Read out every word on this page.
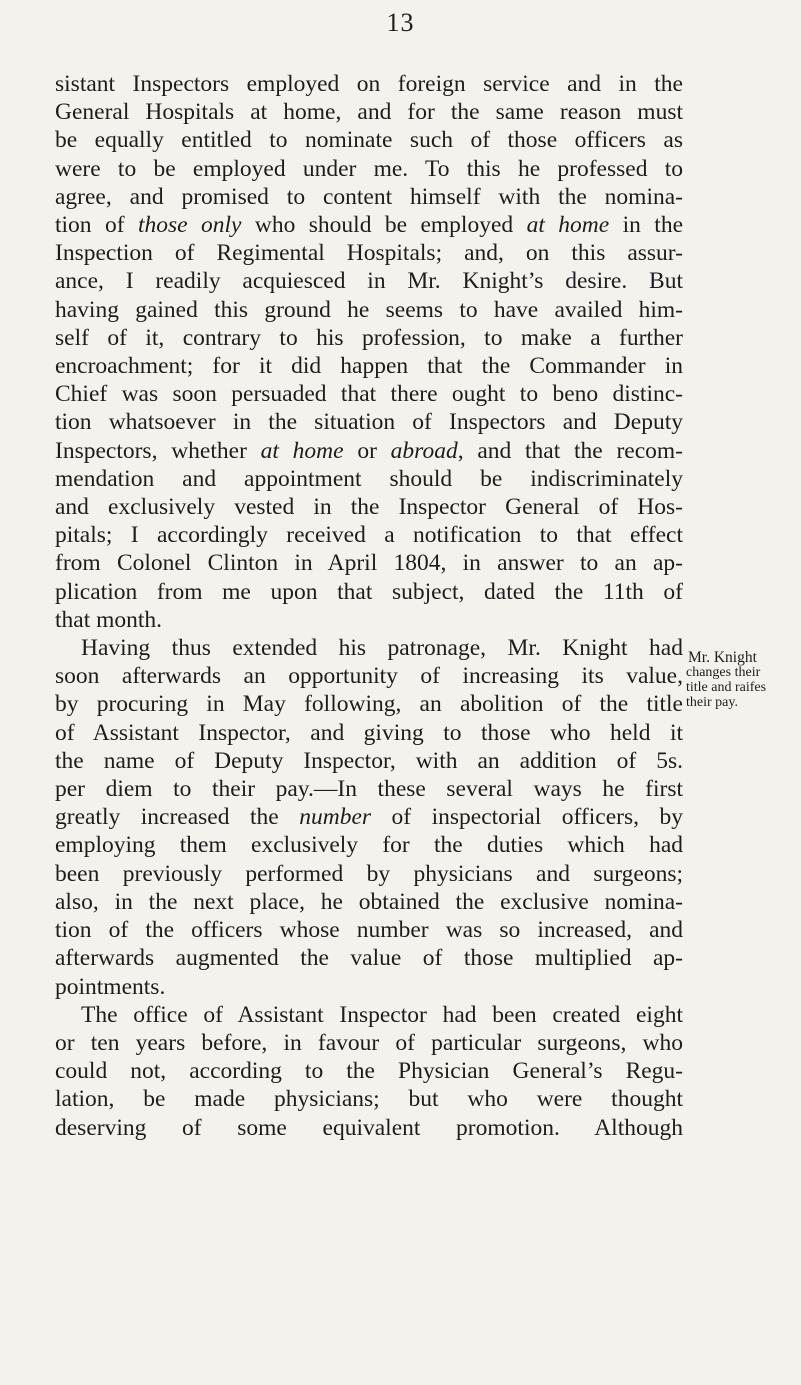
13
sistant Inspectors employed on foreign service and in the
General Hospitals at home, and for the same reason must
be equally entitled to nominate such of those officers as
were to be employed under me. To this he professed to
agree, and promised to content himself with the nomina-
tion of those only who should be employed at home in the
Inspection of Regimental Hospitals; and, on this assur-
ance, I readily acquiesced in Mr. Knight’s desire. But
having gained this ground he seems to have availed him-
self of it, contrary to his profession, to make a further
encroachment; for it did happen that the Commander in
Chief was soon persuaded that there ought to beno distinc-
tion whatsoever in the situation of Inspectors and Deputy
Inspectors, whether at home or abroad, and that the recom-
mendation and appointment should be indiscriminately
and exclusively vested in the Inspector General of Hos-
pitals; I accordingly received a notification to that effect
from Colonel Clinton in April 1804, in answer to an ap-
plication from me upon that subject, dated the 11th of
that month.
Having thus extended his patronage, Mr. Knight had
soon afterwards an opportunity of increasing its value,
by procuring in May following, an abolition of the title
of Assistant Inspector, and giving to those who held it
the name of Deputy Inspector, with an addition of 5s.
per diem to their pay.—In these several ways he first
greatly increased the number of inspectorial officers, by
employing them exclusively for the duties which had
been previously performed by physicians and surgeons;
also, in the next place, he obtained the exclusive nomina-
tion of the officers whose number was so increased, and
afterwards augmented the value of those multiplied ap-
pointments.
The office of Assistant Inspector had been created eight
or ten years before, in favour of particular surgeons, who
could not, according to the Physician General’s Regu-
lation, be made physicians; but who were thought
deserving of some equivalent promotion. Although
Mr. Knight
changes their
title and raifes
their pay.
